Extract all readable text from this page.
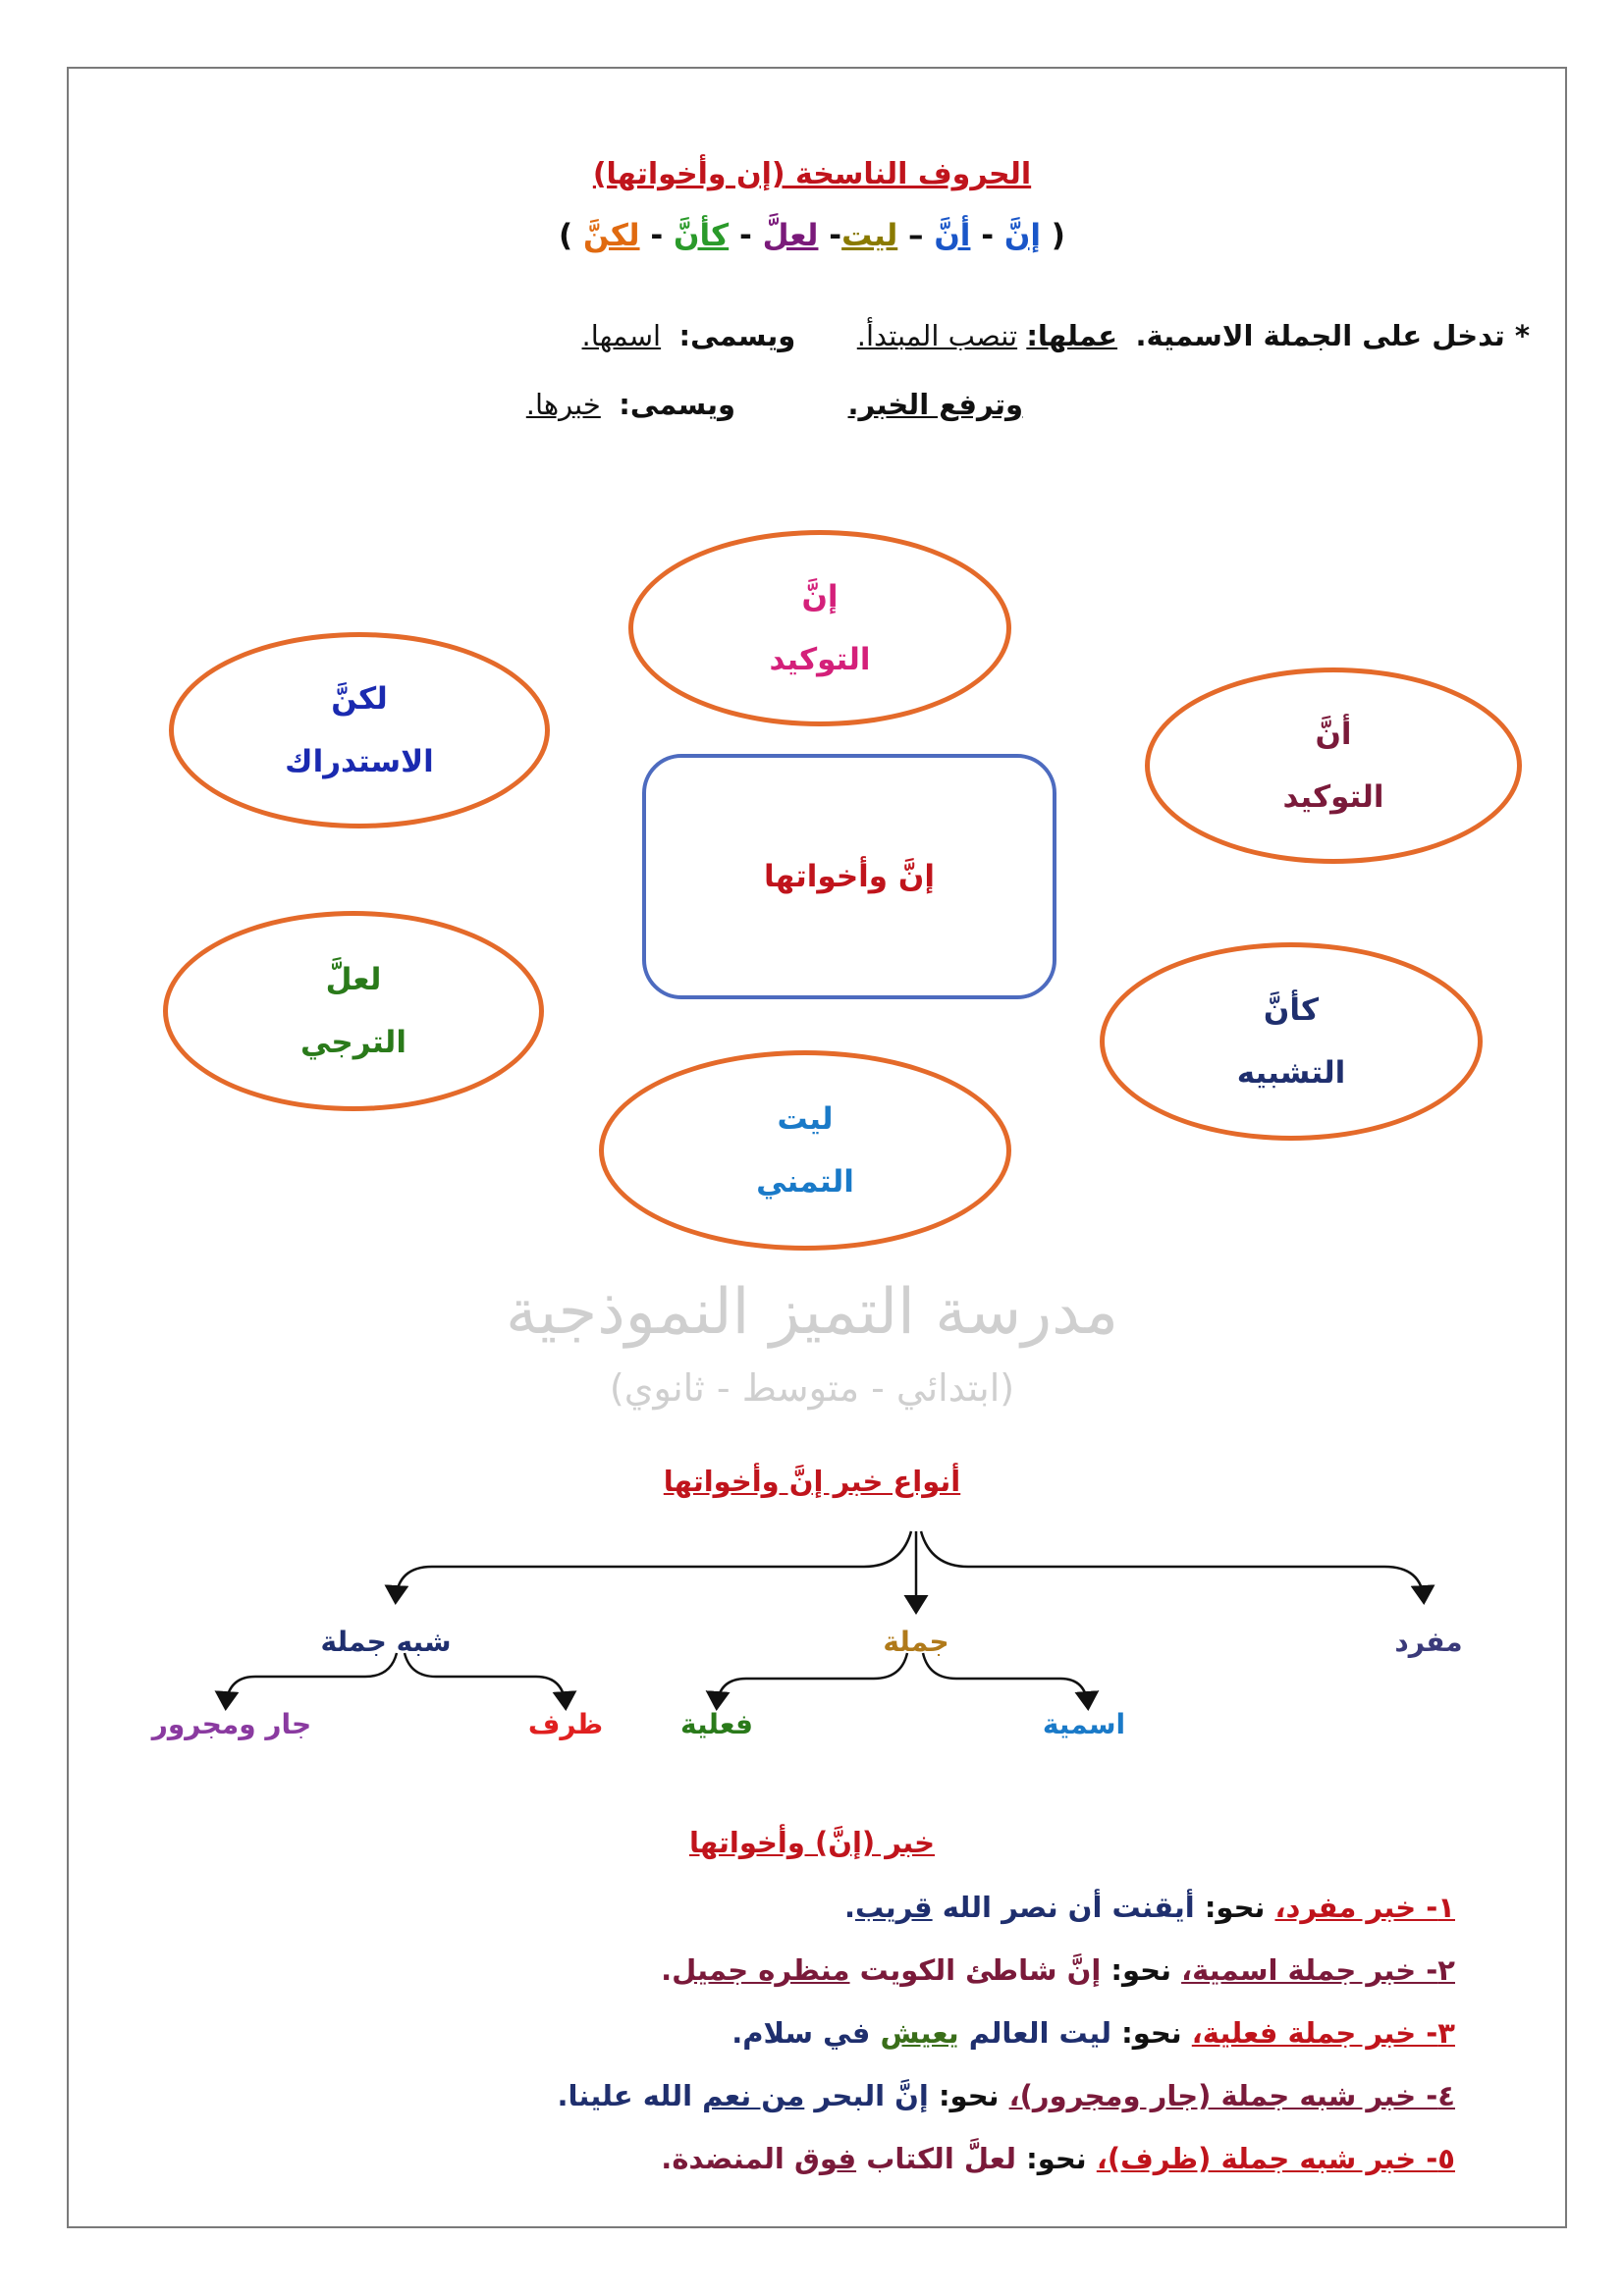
الحروف الناسخة (إن وأخواتها)
( إنَّ - أنَّ – ليت- لعلَّ - كأنَّ - لكنَّ )
* تدخل على الجملة الاسمية.  عملها: تنصب المبتدأ.  ويسمى:  اسمها.
وترفع الخبر.  ويسمى:  خبرها.
إنَّ
التوكيد
أنَّ
التوكيد
كأنَّ
التشبيه
ليت
التمني
لعلَّ
الترجي
لكنَّ
الاستدراك
إنَّ وأخواتها
مدرسة التميز النموذجية
(ابتدائي - متوسط - ثانوي)
أنواع خبر إنَّ وأخواتها
مفرد
جملة
شبه جملة
اسمية
فعلية
ظرف
جار ومجرور
خبر (إنَّ) وأخواتها
١- خبر مفرد، نحو: أيقنت أن نصر الله قريب.
٢- خبر جملة اسمية، نحو: إنَّ شاطئ الكويت منظره جميل.
٣- خبر جملة فعلية، نحو: ليت العالم يعيش في سلام.
٤- خبر شبه جملة (جار ومجرور)، نحو: إنَّ البحر من نعم الله علينا.
٥- خبر شبه جملة (ظرف)، نحو: لعلَّ الكتاب فوق المنضدة.
